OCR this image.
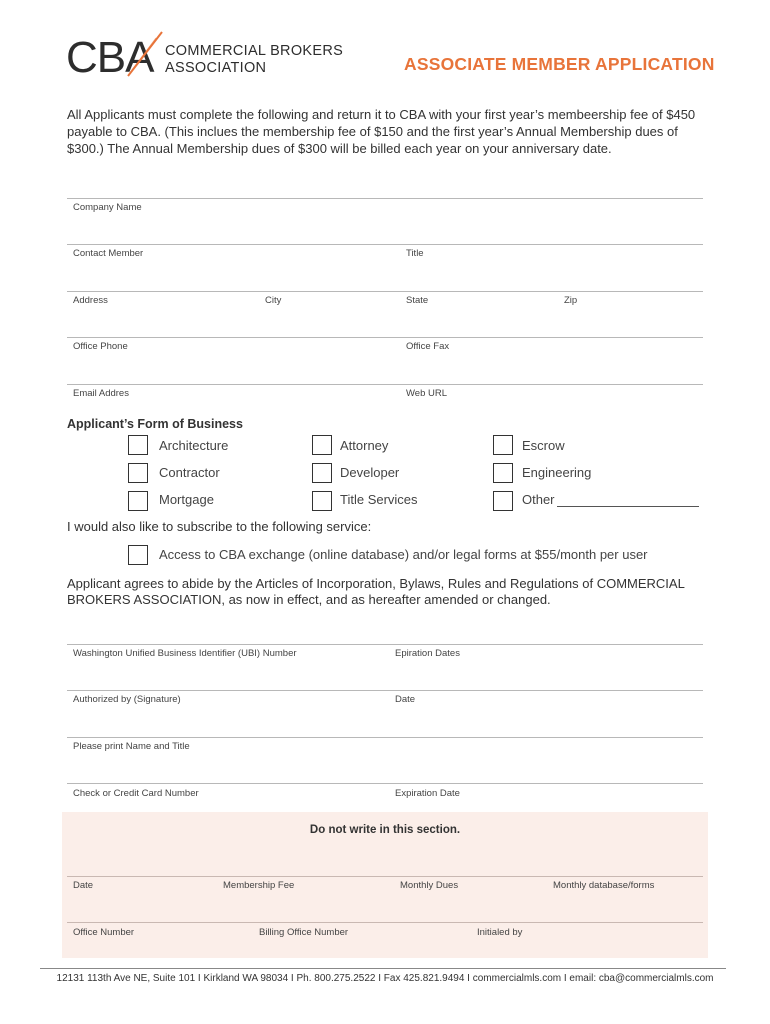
CBA COMMERCIAL BROKERS
ASSOCIATION	ASSOCIATE MEMBER APPLICATION
All Applicants must complete the following and return it to CBA with your first year’s membeership fee of $450 payable to CBA. (This inclues the membership fee of $150 and the first year’s Annual Membership dues of $300.) The Annual Membership dues of $300 will be billed each year on your anniversary date.
Company Name
Contact Member	Title
Address	City	State	Zip
Office Phone	Office Fax
Email Addres	Web URL
Applicant’s Form of Business
Architecture	Attorney	Escrow
Contractor	Developer	Engineering
Mortgage	Title Services	Other
I would also like to subscribe to the following service:
Access to CBA exchange (online database) and/or legal forms at $55/month per user
Applicant agrees to abide by the Articles of Incorporation, Bylaws, Rules and Regulations of COMMERCIAL BROKERS ASSOCIATION, as now in effect, and as hereafter amended or changed.
Washington Unified Business Identifier (UBI) Number	Epiration Dates
Authorized by (Signature)	Date
Please print Name and Title
Check or Credit Card Number	Expiration Date
Do not write in this section.
Date	Membership Fee	Monthly Dues	Monthly database/forms
Office Number	Billing Office Number	Initialed by
12131 113th Ave NE, Suite 101 I Kirkland WA 98034 I Ph. 800.275.2522 I Fax 425.821.9494 I commercialmls.com I email: cba@commercialmls.com
